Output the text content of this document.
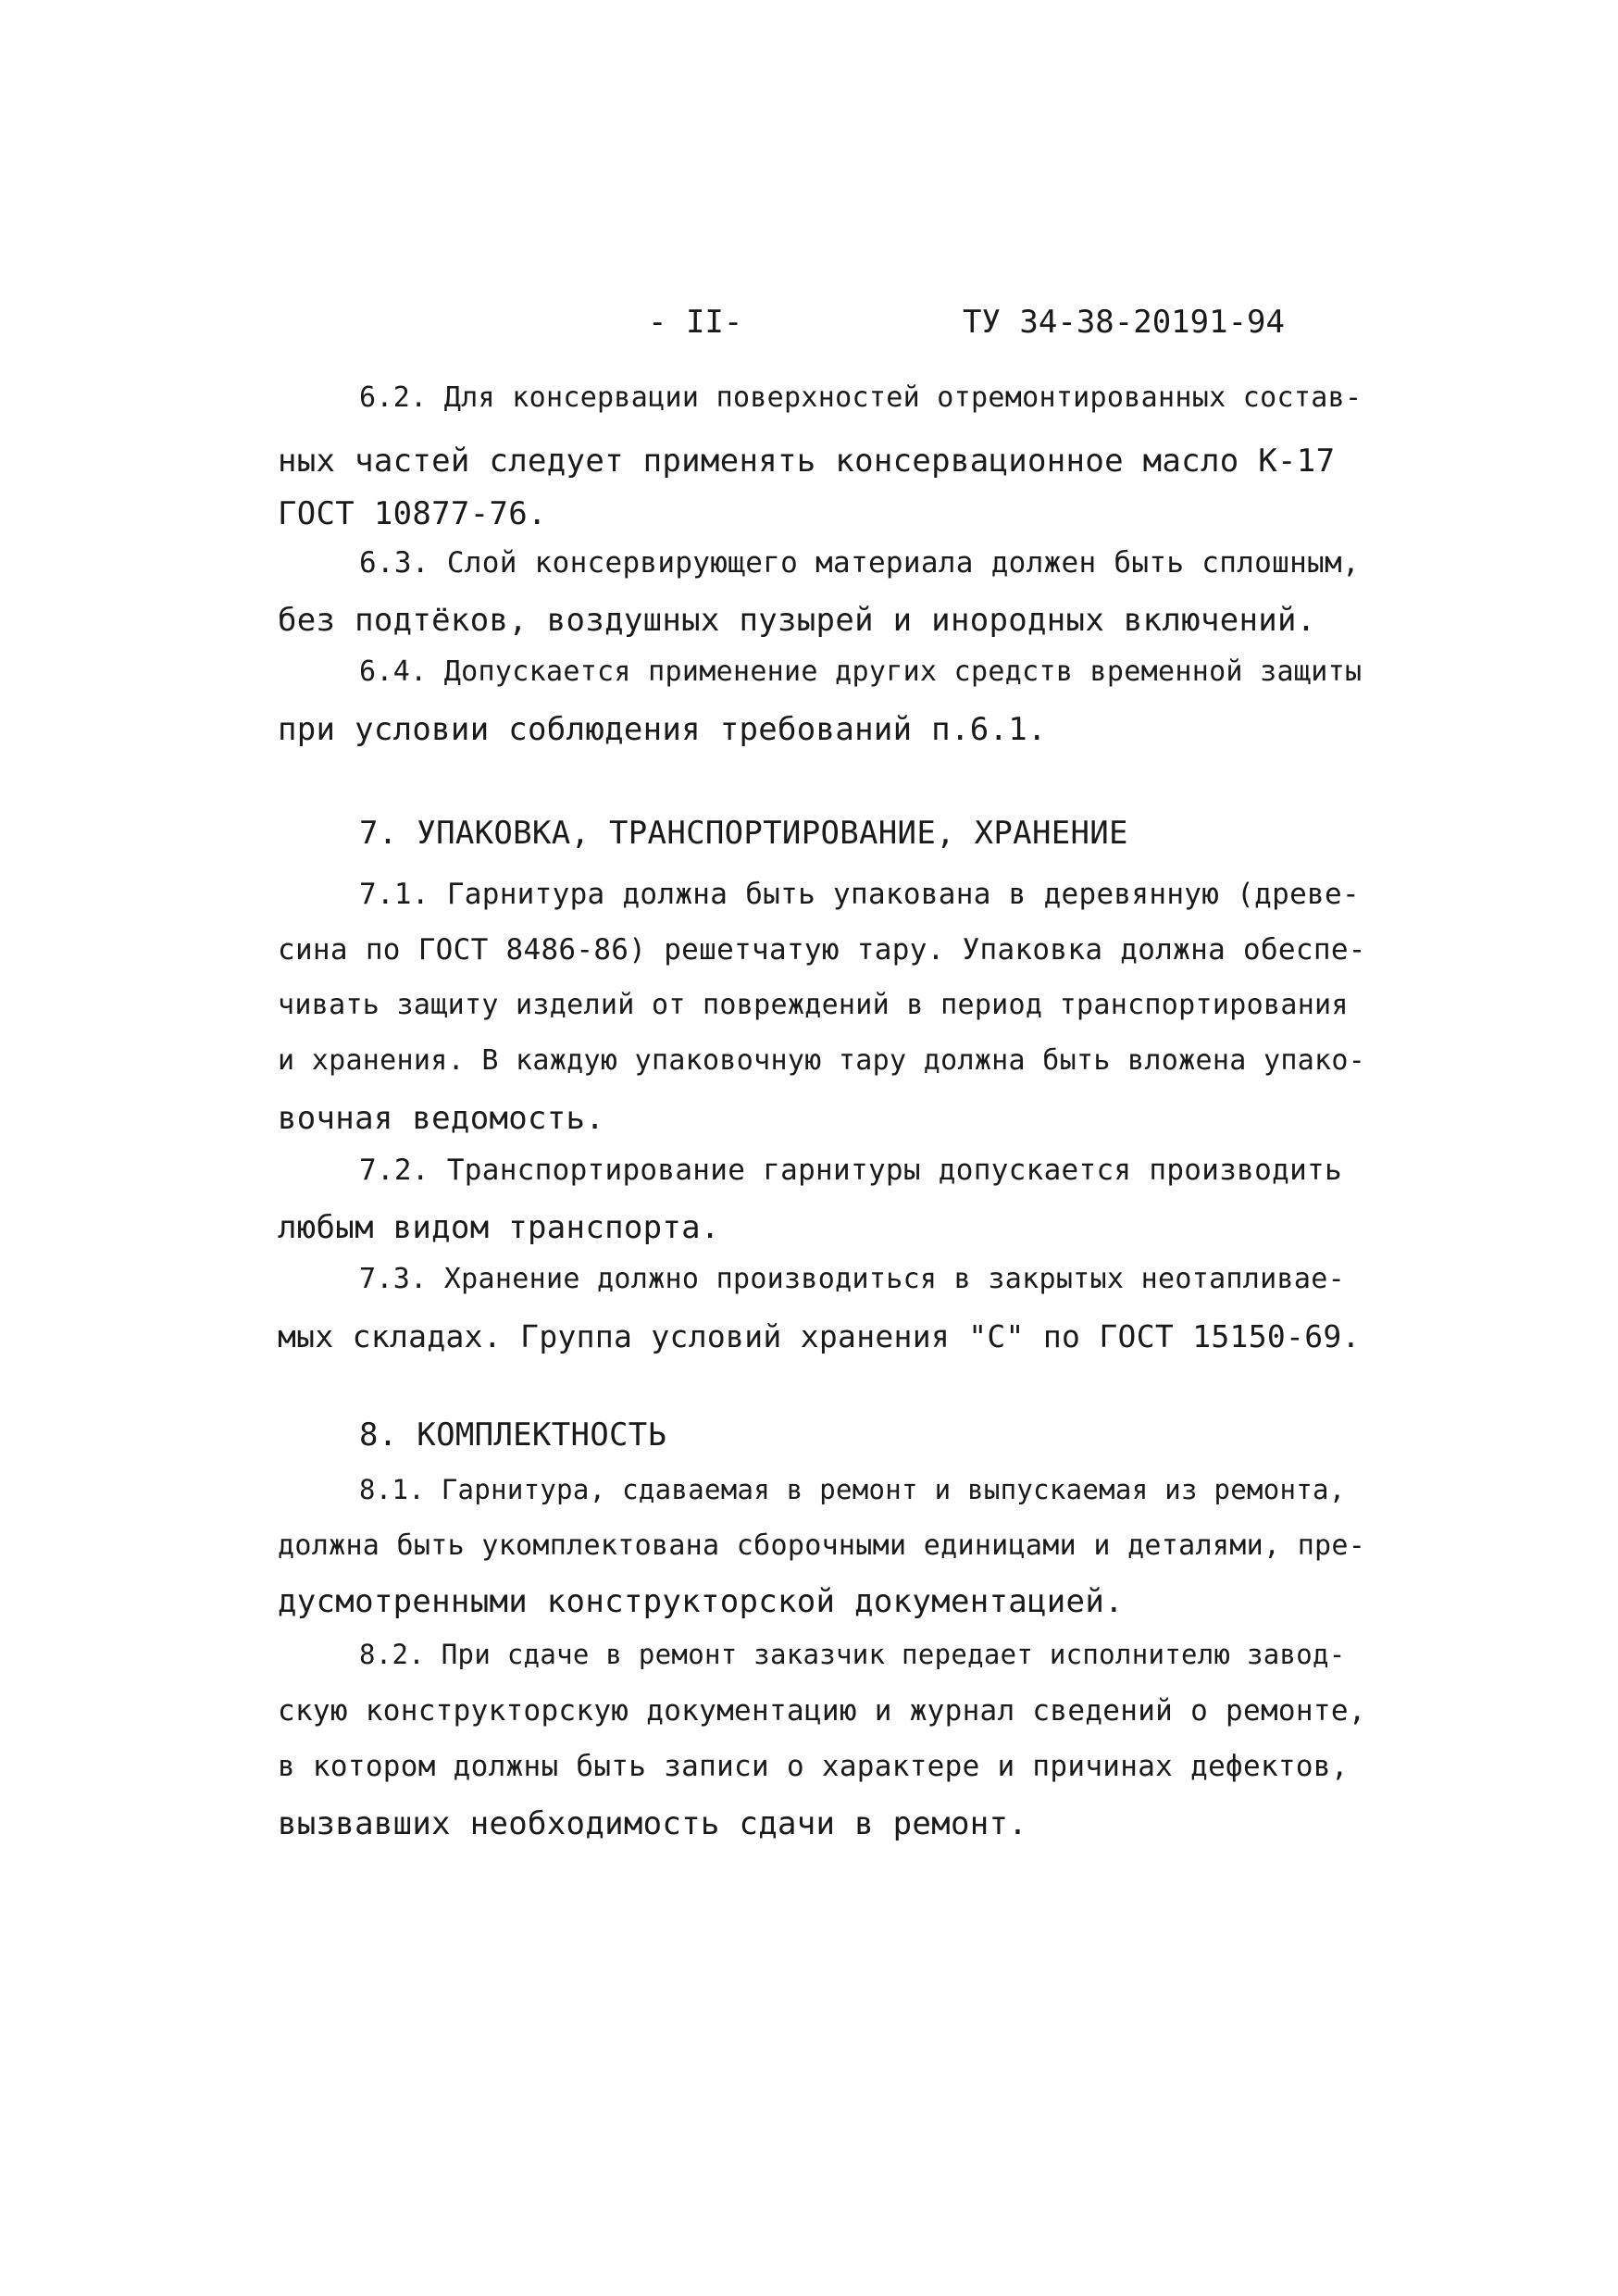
- II-	ТУ 34-38-20191-94
6.2. Для консервации поверхностей отремонтированных состав-
ных частей следует применять консервационное масло К-17
ГОСТ 10877-76.
6.3. Слой консервирующего материала должен быть сплошным,
без подтёков, воздушных пузырей и инородных включений.
6.4. Допускается применение других средств временной защиты
при условии соблюдения требований п.6.1.
7. УПАКОВКА, ТРАНСПОРТИРОВАНИЕ, ХРАНЕНИЕ
7.1. Гарнитура должна быть упакована в деревянную (древе-
сина по ГОСТ 8486-86) решетчатую тару. Упаковка должна обеспе-
чивать защиту изделий от повреждений в период транспортирования
и хранения. В каждую упаковочную тару должна быть вложена упако-
вочная ведомость.
7.2. Транспортирование гарнитуры допускается производить
любым видом транспорта.
7.3. Хранение должно производиться в закрытых неотапливае-
мых складах. Группа условий хранения "С" по ГОСТ 15150-69.
8. КОМПЛЕКТНОСТЬ
8.1. Гарнитура, сдаваемая в ремонт и выпускаемая из ремонта,
должна быть укомплектована сборочными единицами и деталями, пре-
дусмотренными конструкторской документацией.
8.2. При сдаче в ремонт заказчик передает исполнителю завод-
скую конструкторскую документацию и журнал сведений о ремонте,
в котором должны быть записи о характере и причинах дефектов,
вызвавших необходимость сдачи в ремонт.
